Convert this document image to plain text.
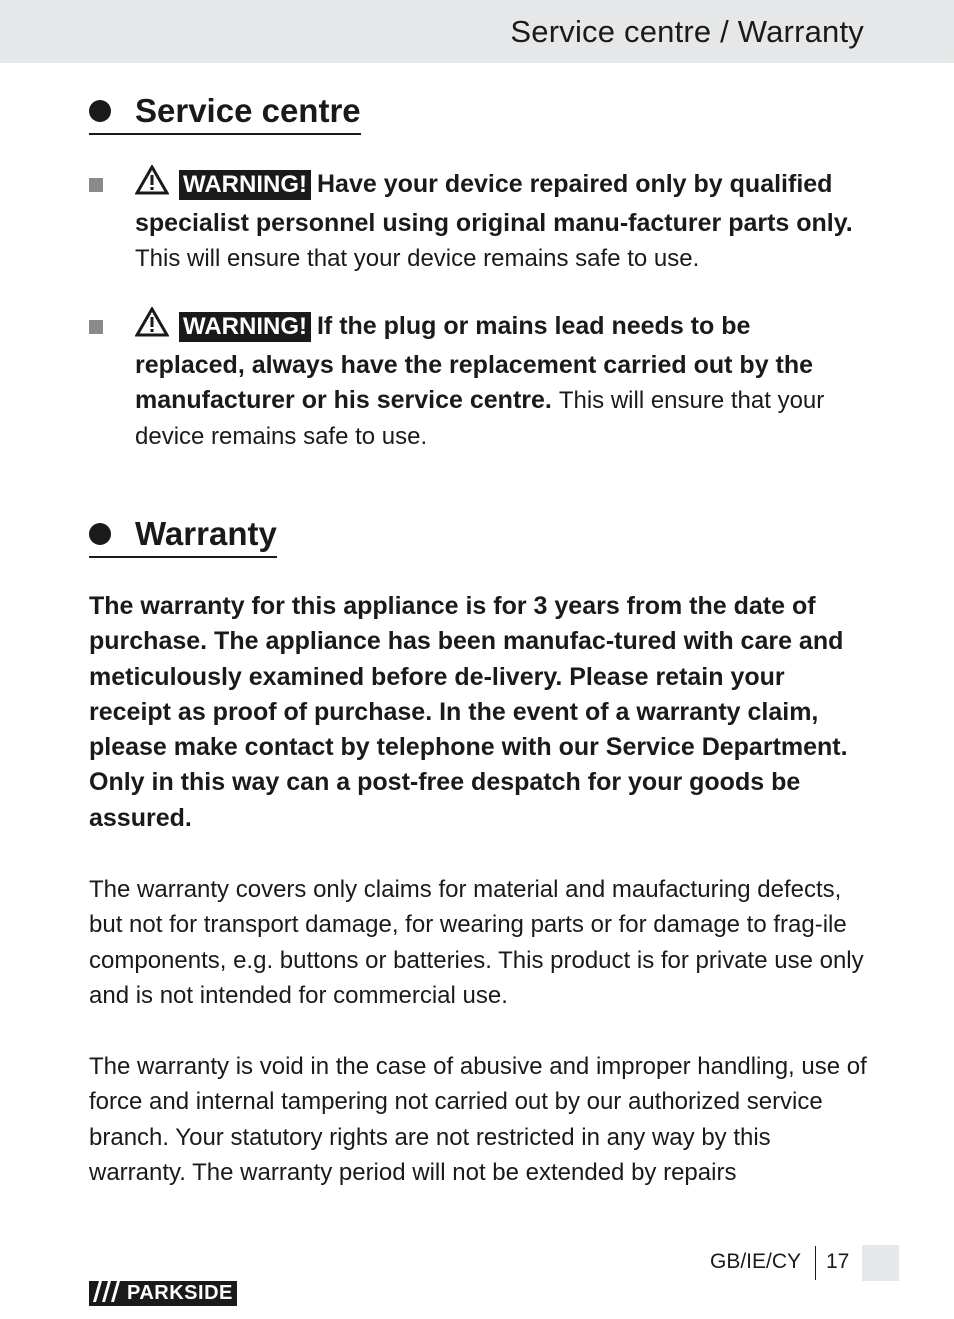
Service centre / Warranty
Service centre
WARNING! Have your device repaired only by qualified specialist personnel using original manu-facturer parts only. This will ensure that your device remains safe to use.
WARNING! If the plug or mains lead needs to be replaced, always have the replacement carried out by the manufacturer or his service centre. This will ensure that your device remains safe to use.
Warranty
The warranty for this appliance is for 3 years from the date of purchase. The appliance has been manufac-tured with care and meticulously examined before de-livery. Please retain your receipt as proof of purchase. In the event of a warranty claim, please make contact by telephone with our Service Department. Only in this way can a post-free despatch for your goods be assured.
The warranty covers only claims for material and maufacturing defects, but not for transport damage, for wearing parts or for damage to frag-ile components, e.g. buttons or batteries. This product is for private use only and is not intended for commercial use.
The warranty is void in the case of abusive and improper handling, use of force and internal tampering not carried out by our authorized service branch. Your statutory rights are not restricted in any way by this warranty. The warranty period will not be extended by repairs
GB/IE/CY 17
PARKSIDE
